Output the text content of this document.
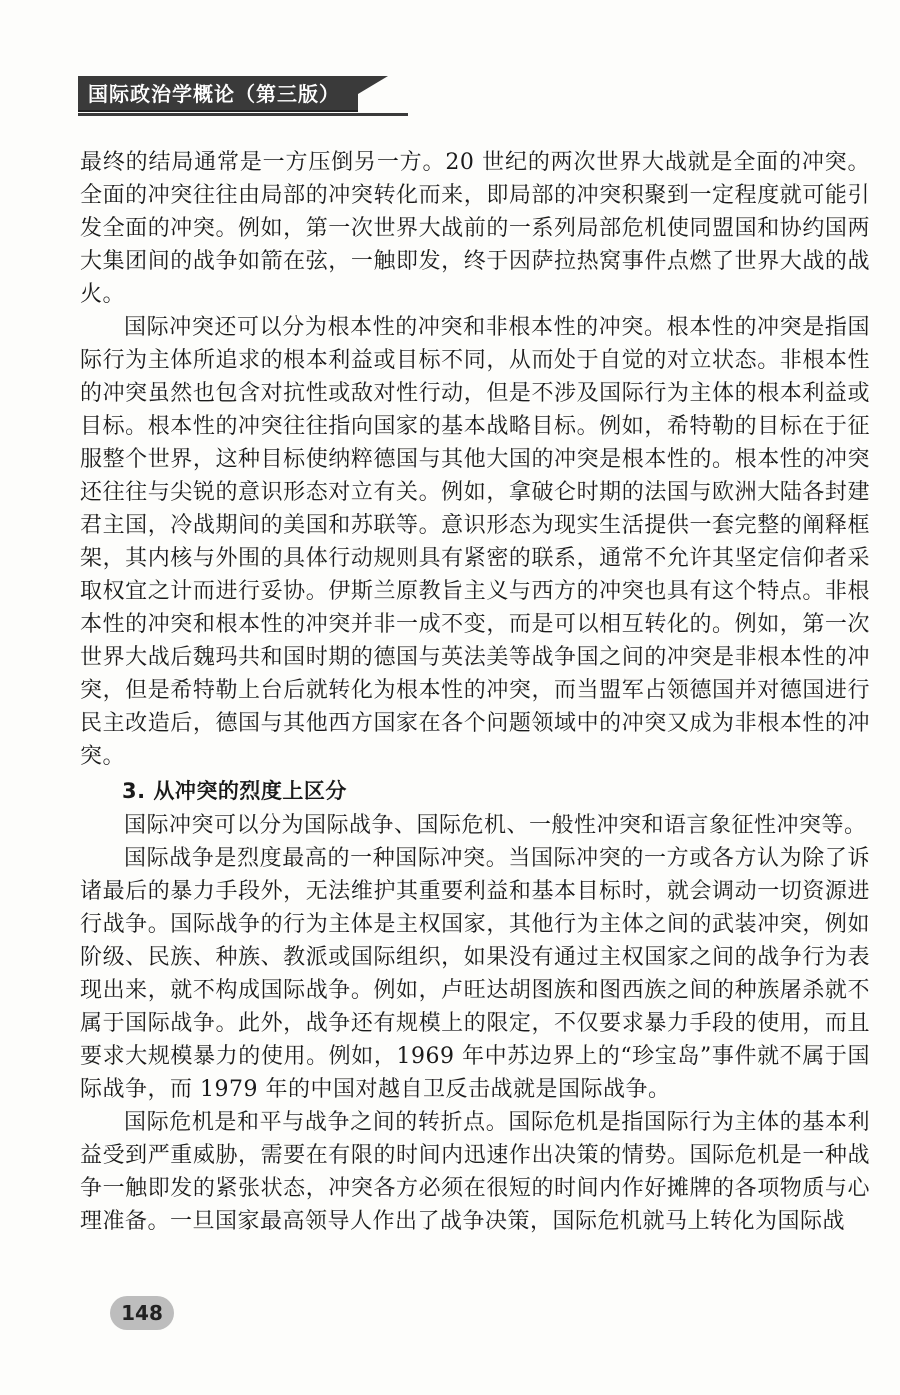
国际政治学概论（第三版）

最终的结局通常是一方压倒另一方。20 世纪的两次世界大战就是全面的冲突。全面的冲突往往由局部的冲突转化而来，即局部的冲突积聚到一定程度就可能引发全面的冲突。例如，第一次世界大战前的一系列局部危机使同盟国和协约国两大集团间的战争如箭在弦，一触即发，终于因萨拉热窝事件点燃了世界大战的战火。

国际冲突还可以分为根本性的冲突和非根本性的冲突。根本性的冲突是指国际行为主体所追求的根本利益或目标不同，从而处于自觉的对立状态。非根本性的冲突虽然也包含对抗性或敌对性行动，但是不涉及国际行为主体的根本利益或目标。根本性的冲突往往指向国家的基本战略目标。例如，希特勒的目标在于征服整个世界，这种目标使纳粹德国与其他大国的冲突是根本性的。根本性的冲突还往往与尖锐的意识形态对立有关。例如，拿破仑时期的法国与欧洲大陆各封建君主国，冷战期间的美国和苏联等。意识形态为现实生活提供一套完整的阐释框架，其内核与外围的具体行动规则具有紧密的联系，通常不允许其坚定信仰者采取权宜之计而进行妥协。伊斯兰原教旨主义与西方的冲突也具有这个特点。非根本性的冲突和根本性的冲突并非一成不变，而是可以相互转化的。例如，第一次世界大战后魏玛共和国时期的德国与英法美等战争国之间的冲突是非根本性的冲突，但是希特勒上台后就转化为根本性的冲突，而当盟军占领德国并对德国进行民主改造后，德国与其他西方国家在各个问题领域中的冲突又成为非根本性的冲突。

3. 从冲突的烈度上区分

国际冲突可以分为国际战争、国际危机、一般性冲突和语言象征性冲突等。

国际战争是烈度最高的一种国际冲突。当国际冲突的一方或各方认为除了诉诸最后的暴力手段外，无法维护其重要利益和基本目标时，就会调动一切资源进行战争。国际战争的行为主体是主权国家，其他行为主体之间的武装冲突，例如阶级、民族、种族、教派或国际组织，如果没有通过主权国家之间的战争行为表现出来，就不构成国际战争。例如，卢旺达胡图族和图西族之间的种族屠杀就不属于国际战争。此外，战争还有规模上的限定，不仅要求暴力手段的使用，而且要求大规模暴力的使用。例如，1969 年中苏边界上的“珍宝岛”事件就不属于国际战争，而 1979 年的中国对越自卫反击战就是国际战争。

国际危机是和平与战争之间的转折点。国际危机是指国际行为主体的基本利益受到严重威胁，需要在有限的时间内迅速作出决策的情势。国际危机是一种战争一触即发的紧张状态，冲突各方必须在很短的时间内作好摊牌的各项物质与心理准备。一旦国家最高领导人作出了战争决策，国际危机就马上转化为国际战

148
